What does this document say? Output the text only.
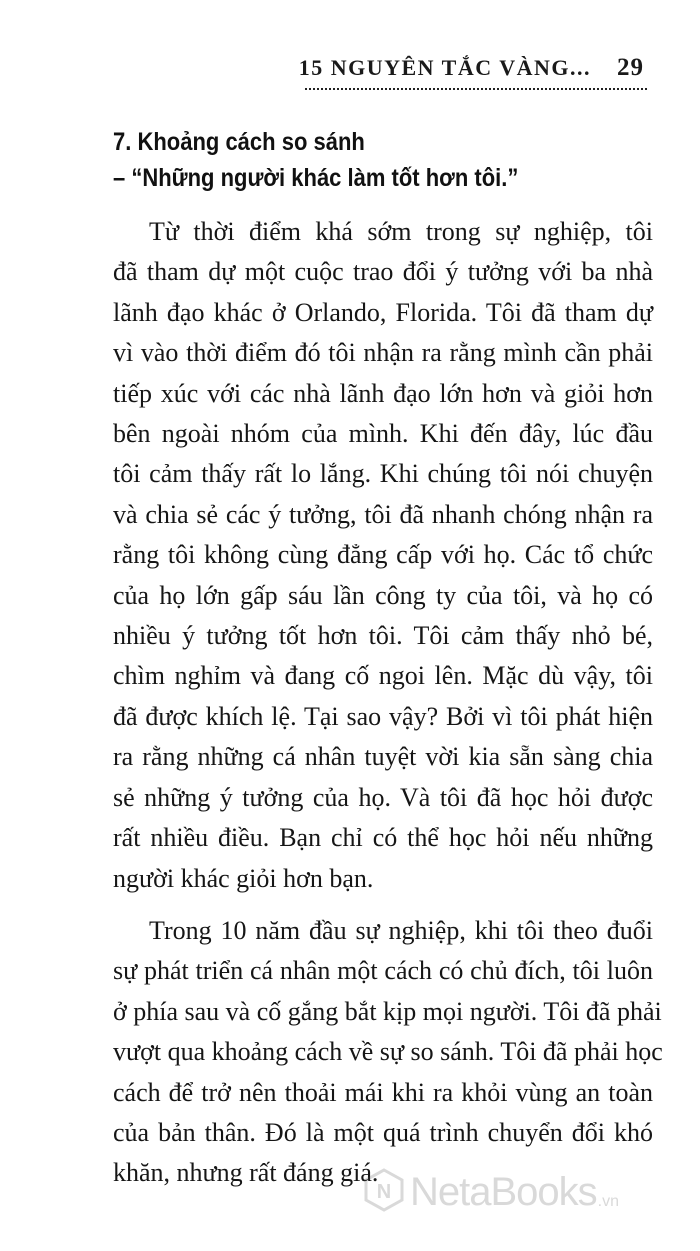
15 NGUYÊN TẮC VÀNG... 29
7. Khoảng cách so sánh
– “Những người khác làm tốt hơn tôi.”
Từ thời điểm khá sớm trong sự nghiệp, tôi
đã tham dự một cuộc trao đổi ý tưởng với ba nhà
lãnh đạo khác ở Orlando, Florida. Tôi đã tham dự
vì vào thời điểm đó tôi nhận ra rằng mình cần phải
tiếp xúc với các nhà lãnh đạo lớn hơn và giỏi hơn
bên ngoài nhóm của mình. Khi đến đây, lúc đầu
tôi cảm thấy rất lo lắng. Khi chúng tôi nói chuyện
và chia sẻ các ý tưởng, tôi đã nhanh chóng nhận ra
rằng tôi không cùng đẳng cấp với họ. Các tổ chức
của họ lớn gấp sáu lần công ty của tôi, và họ có
nhiều ý tưởng tốt hơn tôi. Tôi cảm thấy nhỏ bé,
chìm nghỉm và đang cố ngoi lên. Mặc dù vậy, tôi
đã được khích lệ. Tại sao vậy? Bởi vì tôi phát hiện
ra rằng những cá nhân tuyệt vời kia sẵn sàng chia
sẻ những ý tưởng của họ. Và tôi đã học hỏi được
rất nhiều điều. Bạn chỉ có thể học hỏi nếu những
người khác giỏi hơn bạn.
Trong 10 năm đầu sự nghiệp, khi tôi theo đuổi
sự phát triển cá nhân một cách có chủ đích, tôi luôn
ở phía sau và cố gắng bắt kịp mọi người. Tôi đã phải
vượt qua khoảng cách về sự so sánh. Tôi đã phải học
cách để trở nên thoải mái khi ra khỏi vùng an toàn
của bản thân. Đó là một quá trình chuyển đổi khó
khăn, nhưng rất đáng giá.
N NetaBooks .vn
